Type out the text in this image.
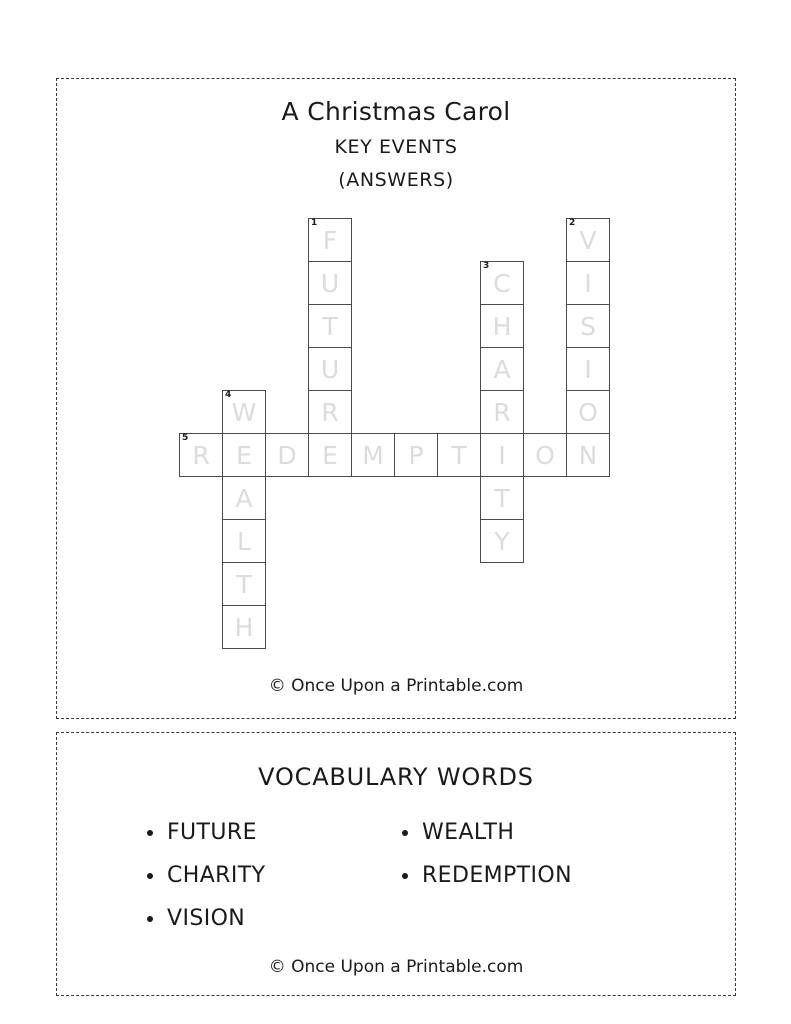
A Christmas Carol
KEY EVENTS
(ANSWERS)
1
F
U
T
U
R
E
2
V
I
S
I
O
N
3
C
H
A
R
I
T
Y
4
W
E
A
L
T
H
5
R	D	M P	T	O
© Once Upon a Printable.com
VOCABULARY WORDS
FUTURE
CHARITY
VISION
WEALTH
REDEMPTION
© Once Upon a Printable.com
